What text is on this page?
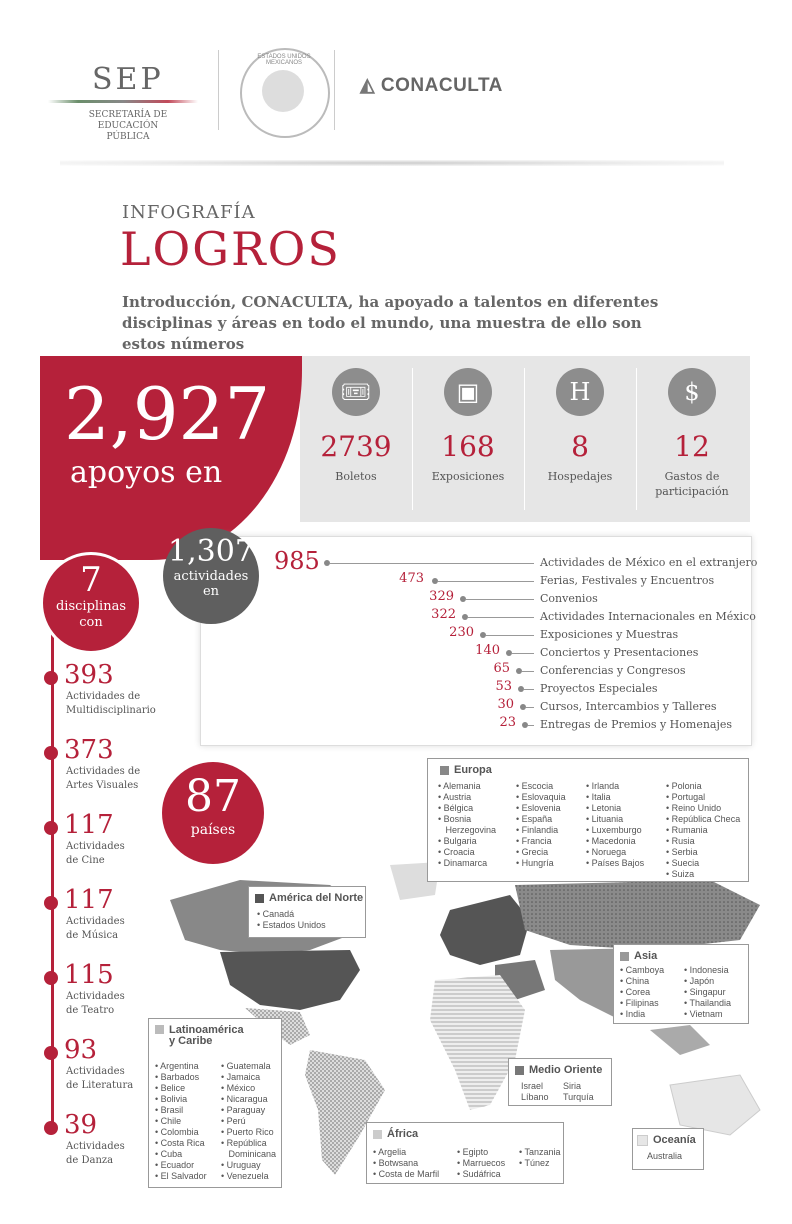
SEP
SECRETARÍA DE EDUCACIÓN PÚBLICA
ESTADOS UNIDOS MEXICANOS
◭ CONACULTA
INFOGRAFÍA
LOGROS
Introducción, CONACULTA, ha apoyado a talentos en diferentes disciplinas y áreas en todo el mundo, una muestra de ello son estos números
🎟
2739
Boletos
▣
168
Exposiciones
H
8
Hospedajes
$
12
Gastos de participación
2,927
apoyos en
1,307
actividades
en
985	Actividades de México en el extranjero
473	Ferias, Festivales y Encuentros
329	Convenios
322	Actividades Internacionales en México
230	Exposiciones y Muestras
140	Conciertos y Presentaciones
65	Conferencias y Congresos
53	Proyectos Especiales
30 Cursos, Intercambios y Talleres
23 Entregas de Premios y Homenajes
7
disciplinas
con
393
Actividades de
Multidisciplinario
373
Actividades de
Artes Visuales
117
Actividades
de Cine
117
Actividades
de Música
115
Actividades
de Teatro
93
Actividades
de Literatura
39
Actividades
de Danza
87
países
Europa
• Alemania
• Austria
• Bélgica
• Bosnia
Herzegovina
• Bulgaria
• Croacia
• Dinamarca
• Escocia
• Eslovaquia
• Eslovenia
• España
• Finlandia
• Francia
• Grecia
• Hungría
• Irlanda
• Italia
• Letonia
• Lituania
• Luxemburgo
• Macedonia
• Noruega
• Países Bajos
• Polonia
• Portugal
• Reino Unido
• República Checa
• Rumania
• Rusia
• Serbia
• Suecia
• Suiza
América del Norte
• Canadá
• Estados Unidos
Asia
• Camboya
• China
• Corea
• Filipinas
• India
• Indonesia
• Japón
• Singapur
• Thailandia
• Vietnam
Latinoamérica
y Caribe
• Argentina
• Barbados
• Belice
• Bolivia
• Brasil
• Chile
• Colombia
• Costa Rica
• Cuba
• Ecuador
• El Salvador
• Guatemala
• Jamaica
• México
• Nicaragua
• Paraguay
• Perú
• Puerto Rico
• República
Dominicana
• Uruguay
• Venezuela
Medio Oriente
Israel
Líbano
Siria
Turquía
África
• Argelia
• Botwsana
• Costa de Marfil
• Egipto
• Marruecos
• Sudáfrica
• Tanzania
• Túnez
Oceanía
Australia
